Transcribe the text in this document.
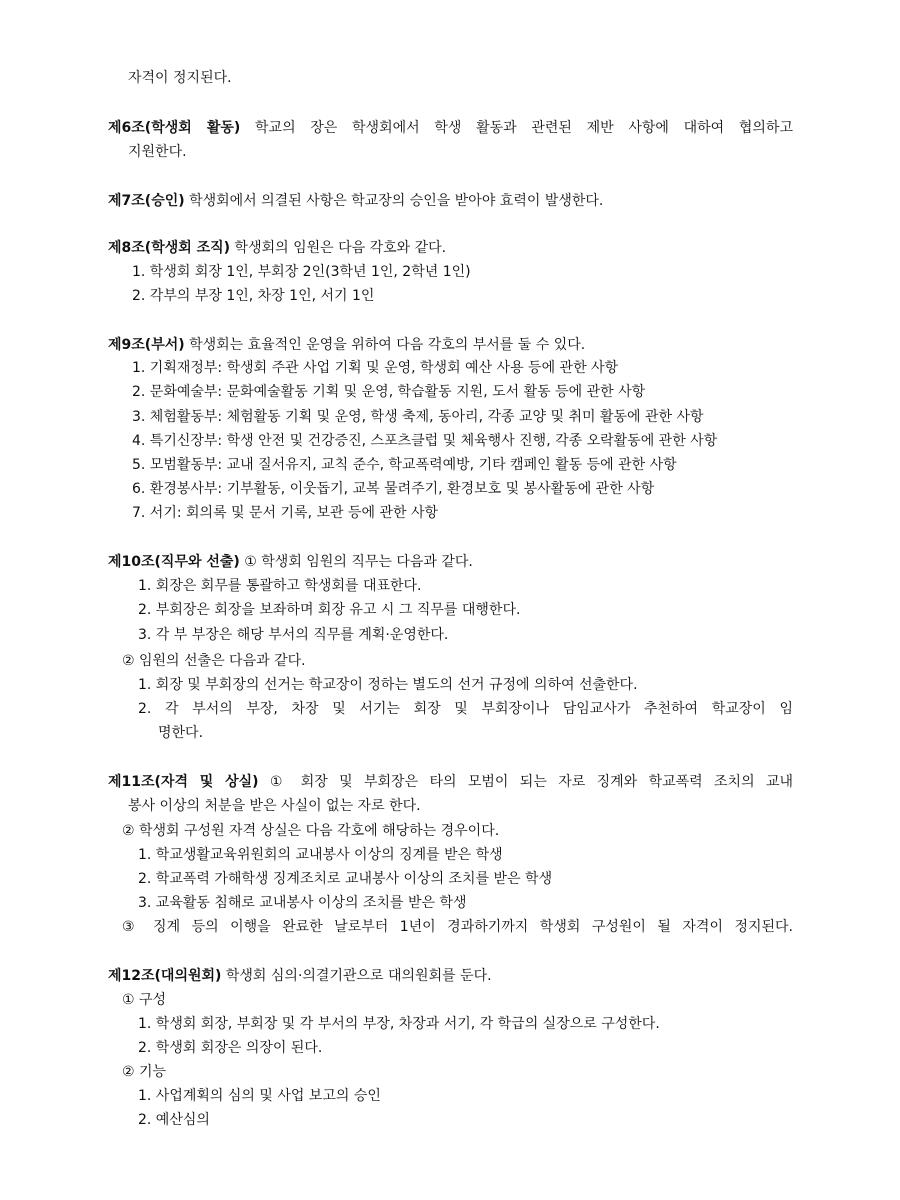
자격이 정지된다.
제6조(학생회 활동) 학교의 장은 학생회에서 학생 활동과 관련된 제반 사항에 대하여 협의하고
지원한다.
제7조(승인) 학생회에서 의결된 사항은 학교장의 승인을 받아야 효력이 발생한다.
제8조(학생회 조직) 학생회의 임원은 다음 각호와 같다.
1. 학생회 회장 1인, 부회장 2인(3학년 1인, 2학년 1인)
2. 각부의 부장 1인, 차장 1인, 서기 1인
제9조(부서) 학생회는 효율적인 운영을 위하여 다음 각호의 부서를 둘 수 있다.
1. 기획재정부: 학생회 주관 사업 기획 및 운영, 학생회 예산 사용 등에 관한 사항
2. 문화예술부: 문화예술활동 기획 및 운영, 학습활동 지원, 도서 활동 등에 관한 사항
3. 체험활동부: 체험활동 기획 및 운영, 학생 축제, 동아리, 각종 교양 및 취미 활동에 관한 사항
4. 특기신장부: 학생 안전 및 건강증진, 스포츠클럽 및 체육행사 진행, 각종 오락활동에 관한 사항
5. 모범활동부: 교내 질서유지, 교칙 준수, 학교폭력예방, 기타 캠페인 활동 등에 관한 사항
6. 환경봉사부: 기부활동, 이웃돕기, 교복 물려주기, 환경보호 및 봉사활동에 관한 사항
7. 서기: 회의록 및 문서 기록, 보관 등에 관한 사항
제10조(직무와 선출) ① 학생회 임원의 직무는 다음과 같다.
1. 회장은 회무를 통괄하고 학생회를 대표한다.
2. 부회장은 회장을 보좌하며 회장 유고 시 그 직무를 대행한다.
3. 각 부 부장은 해당 부서의 직무를 계획·운영한다.
② 임원의 선출은 다음과 같다.
1. 회장 및 부회장의 선거는 학교장이 정하는 별도의 선거 규정에 의하여 선출한다.
2. 각 부서의 부장, 차장 및 서기는 회장 및 부회장이나 담임교사가 추천하여 학교장이 임
명한다.
제11조(자격 및 상실) ① 회장 및 부회장은 타의 모범이 되는 자로 징계와 학교폭력 조치의 교내
봉사 이상의 처분을 받은 사실이 없는 자로 한다.
② 학생회 구성원 자격 상실은 다음 각호에 해당하는 경우이다.
1. 학교생활교육위원회의 교내봉사 이상의 징계를 받은 학생
2. 학교폭력 가해학생 징계조치로 교내봉사 이상의 조치를 받은 학생
3. 교육활동 침해로 교내봉사 이상의 조치를 받은 학생
③ 징계 등의 이행을 완료한 날로부터 1년이 경과하기까지 학생회 구성원이 될 자격이 정지된다.
제12조(대의원회) 학생회 심의·의결기관으로 대의원회를 둔다.
① 구성
1. 학생회 회장, 부회장 및 각 부서의 부장, 차장과 서기, 각 학급의 실장으로 구성한다.
2. 학생회 회장은 의장이 된다.
② 기능
1. 사업계획의 심의 및 사업 보고의 승인
2. 예산심의
